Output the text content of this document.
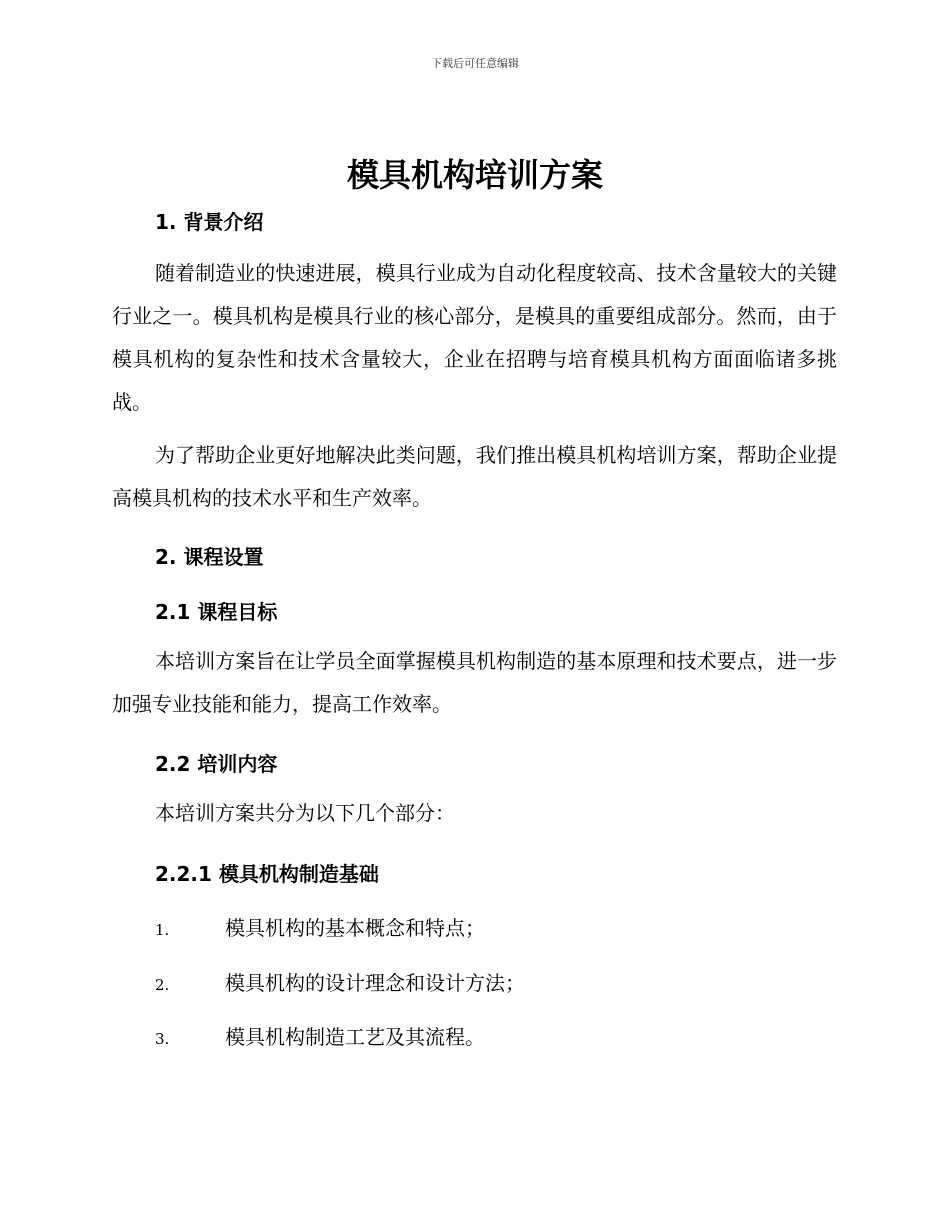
下载后可任意编辑
模具机构培训方案
1. 背景介绍

随着制造业的快速进展，模具行业成为自动化程度较高、技术含量较大的关键行业之一。模具机构是模具行业的核心部分，是模具的重要组成部分。然而，由于模具机构的复杂性和技术含量较大，企业在招聘与培育模具机构方面面临诸多挑战。

为了帮助企业更好地解决此类问题，我们推出模具机构培训方案，帮助企业提高模具机构的技术水平和生产效率。

2. 课程设置
2.1 课程目标

本培训方案旨在让学员全面掌握模具机构制造的基本原理和技术要点，进一步加强专业技能和能力，提高工作效率。

2.2 培训内容

本培训方案共分为以下几个部分：

2.2.1 模具机构制造基础
1.	模具机构的基本概念和特点；
2.	模具机构的设计理念和设计方法；
3.	模具机构制造工艺及其流程。
